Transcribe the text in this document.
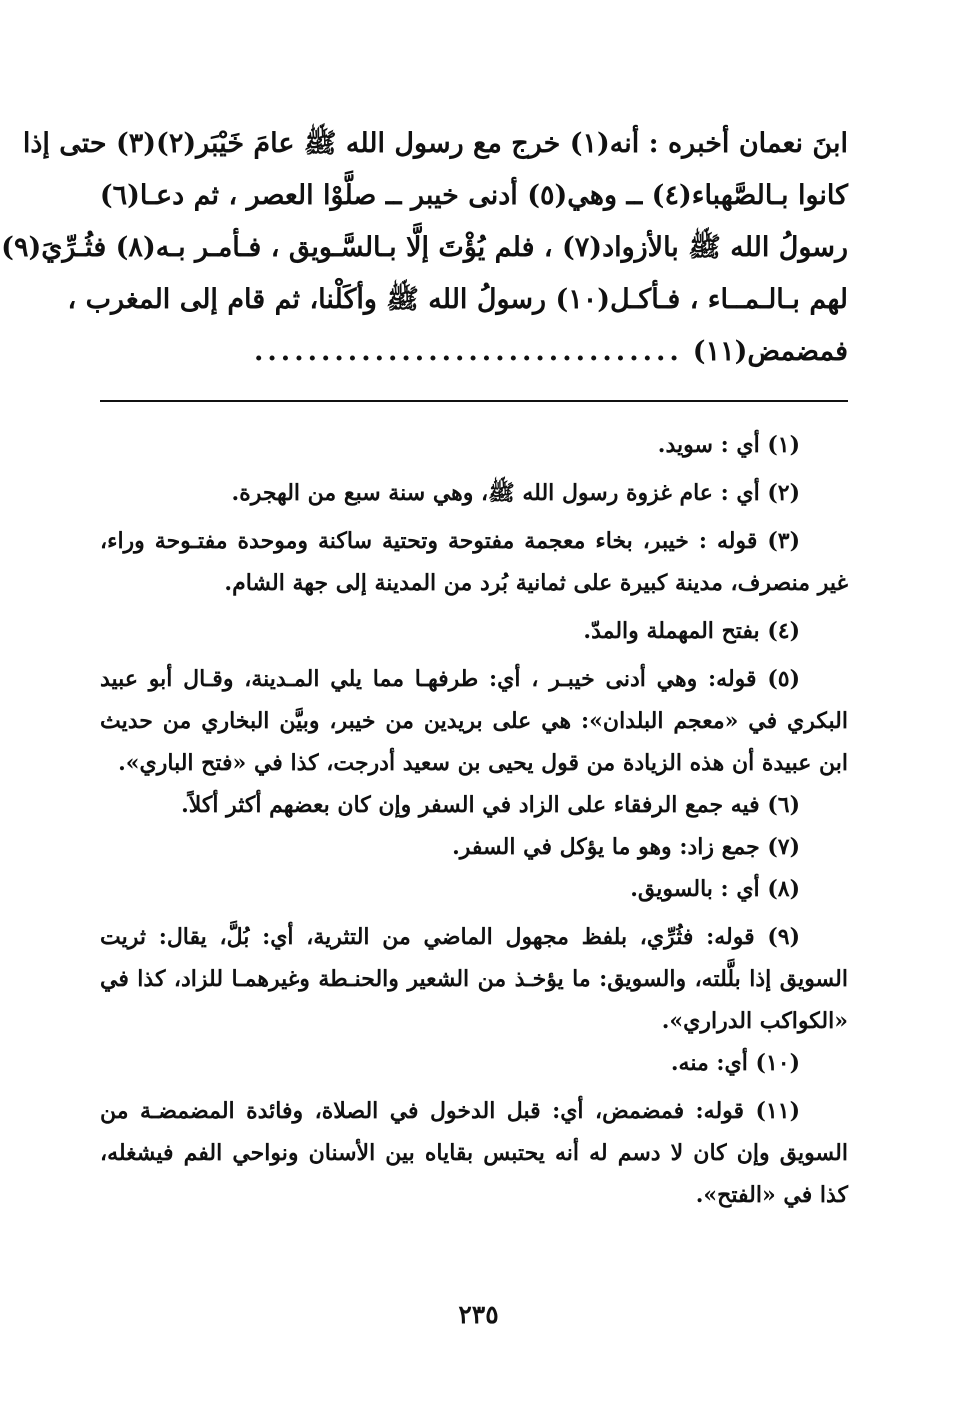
ابنَ نعمان أخبره : أنه(١) خرج مع رسول الله ﷺ عامَ خَيْبَر(٢)(٣) حتى إذا
كانوا بـالصَّهباء(٤) ــ وهي(٥) أدنى خيبر ــ صلَّوْا العصر ، ثم دعـا(٦)
رسولُ الله ﷺ بالأزواد(٧) ، فلم يُؤْتَ إلَّا بـالسَّـويق ، فـأمـر بـه(٨) فثُـرِّيَ(٩)
لهم بـالـمــاء ، فـأكـل(١٠) رسولُ الله ﷺ وأكَلْنا، ثم قام إلى المغرب ،
فمضمض(١١)
................................

(١) أي : سويد.

(٢) أي : عام غزوة رسول الله ﷺ، وهي سنة سبع من الهجرة.

(٣) قوله : خيبر، بخاء معجمة مفتوحة وتحتية ساكنة وموحدة مفتـوحة وراء، غير منصرف، مدينة كبيرة على ثمانية بُرد من المدينة إلى جهة الشام.

(٤) بفتح المهملة والمدّ.

(٥) قوله: وهي أدنى خيبـر ، أي: طرفهـا مما يلي المـدينة، وقـال أبو عبيد البكري في «معجم البلدان»: هي على بريدين من خيبر، وبيَّن البخاري من حديث ابن عبيدة أن هذه الزيادة من قول يحيى بن سعيد أدرجت، كذا في «فتح الباري».

(٦) فيه جمع الرفقاء على الزاد في السفر وإن كان بعضهم أكثر أكلاً.

(٧) جمع زاد: وهو ما يؤكل في السفر.

(٨) أي : بالسويق.

(٩) قوله: فثُرِّي، بلفظ مجهول الماضي من التثرية، أي: بُلَّ، يقال: ثريت السويق إذا بلَّلته، والسويق: ما يؤخـذ من الشعير والحنـطة وغيرهمـا للزاد، كذا في «الكواكب الدراري».

(١٠) أي: منه.

(١١) قوله: فمضمض، أي: قبل الدخول في الصلاة، وفائدة المضمضـة من السويق وإن كان لا دسم له أنه يحتبس بقاياه بين الأسنان ونواحي الفم فيشغله، كذا في «الفتح».

٢٣٥
